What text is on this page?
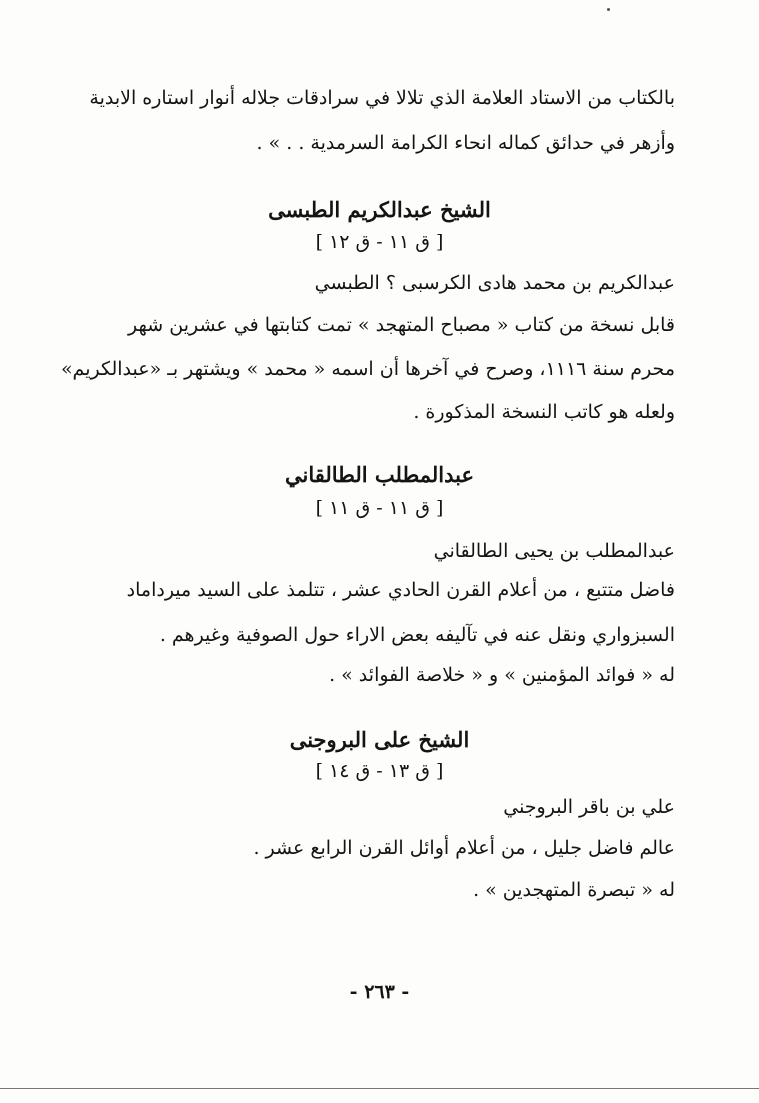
بالكتاب من الاستاد العلامة الذي تلالا في سرادقات جلاله أنوار استاره الابدية
وأزهر في حدائق كماله انحاء الكرامة السرمدية . . » .
الشيخ عبدالكريم الطبسى
[ ق ١١ - ق ١٢ ]
عبدالكريم بن محمد هادى الكرسبى ؟ الطبسي
قابل نسخة من كتاب « مصباح المتهجد » تمت كتابتها في عشرين شهر
محرم سنة ١١١٦، وصرح في آخرها أن اسمه « محمد » ويشتهر بـ «عبدالكريم»
ولعله هو كاتب النسخة المذكورة .
عبدالمطلب الطالقاني
[ ق ١١ - ق ١١ ]
عبدالمطلب بن يحيى الطالقاني
فاضل متتبع ، من أعلام القرن الحادي عشر ، تتلمذ على السيد ميرداماد
السبزواري ونقل عنه في تآليفه بعض الاراء حول الصوفية وغيرهم .
له « فوائد المؤمنين » و « خلاصة الفوائد » .
الشيخ على البروجنى
[ ق ١٣ - ق ١٤ ]
علي بن باقر البروجني
عالم فاضل جليل ، من أعلام أوائل القرن الرابع عشر .
له « تبصرة المتهجدين » .
- ٢٦٣ -
